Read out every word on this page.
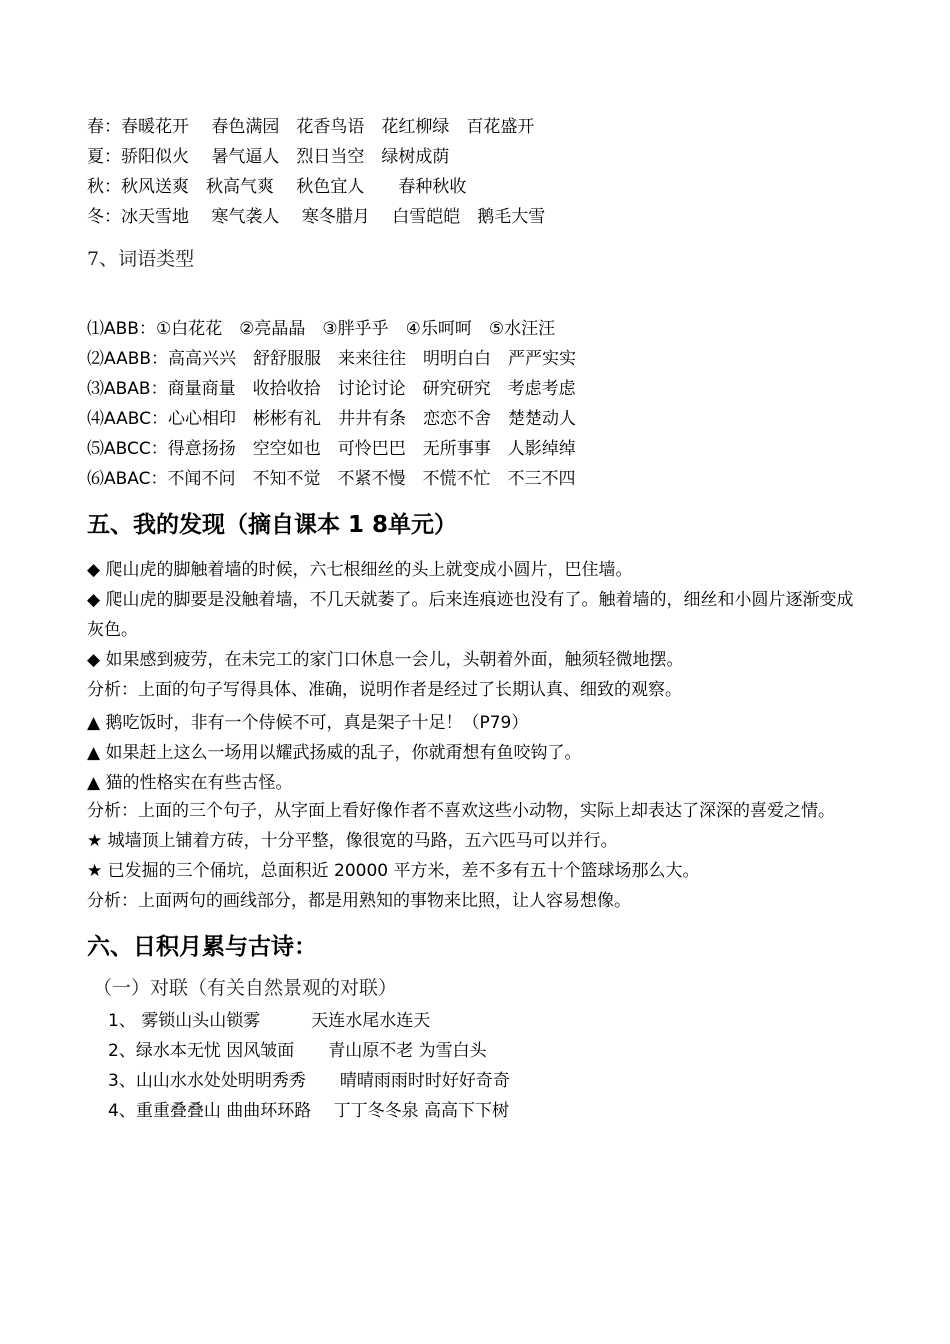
春：春暖花开　 春色满园　花香鸟语　花红柳绿　百花盛开
夏：骄阳似火　 暑气逼人　烈日当空　绿树成荫
秋：秋风送爽　秋高气爽　 秋色宜人　　春种秋收
冬：冰天雪地　 寒气袭人　 寒冬腊月　 白雪皑皑　鹅毛大雪
7、词语类型
⑴ABB：①白花花　②亮晶晶　③胖乎乎　④乐呵呵　⑤水汪汪
⑵AABB：高高兴兴　舒舒服服　来来往往　明明白白　严严实实
⑶ABAB：商量商量　收拾收拾　讨论讨论　研究研究　考虑考虑
⑷AABC：心心相印　彬彬有礼　井井有条　恋恋不舍　楚楚动人
⑸ABCC：得意扬扬　空空如也　可怜巴巴　无所事事　人影绰绰
⑹ABAC：不闻不问　不知不觉　不紧不慢　不慌不忙　不三不四
五、我的发现（摘自课本 1 8单元）
◆ 爬山虎的脚触着墙的时候，六七根细丝的头上就变成小圆片，巴住墙。
◆ 爬山虎的脚要是没触着墙，不几天就萎了。后来连痕迹也没有了。触着墙的，细丝和小圆片逐渐变成灰色。
◆ 如果感到疲劳，在未完工的家门口休息一会儿，头朝着外面，触须轻微地摆。
分析：上面的句子写得具体、准确，说明作者是经过了长期认真、细致的观察。
▲ 鹅吃饭时，非有一个侍候不可，真是架子十足！（P79）
▲ 如果赶上这么一场用以耀武扬威的乱子，你就甭想有鱼咬钩了。
▲ 猫的性格实在有些古怪。
分析：上面的三个句子，从字面上看好像作者不喜欢这些小动物，实际上却表达了深深的喜爱之情。
★ 城墙顶上铺着方砖，十分平整，像很宽的马路，五六匹马可以并行。
★ 已发掘的三个俑坑，总面积近 20000 平方米，差不多有五十个篮球场那么大。
分析：上面两句的画线部分，都是用熟知的事物来比照，让人容易想像。
六、日积月累与古诗：
（一）对联（有关自然景观的对联）
1、 雾锁山头山锁雾　　　天连水尾水连天
2、绿水本无忧 因风皱面　　青山原不老 为雪白头
3、山山水水处处明明秀秀　　晴晴雨雨时时好好奇奇
4、重重叠叠山 曲曲环环路　 丁丁冬冬泉 高高下下树
